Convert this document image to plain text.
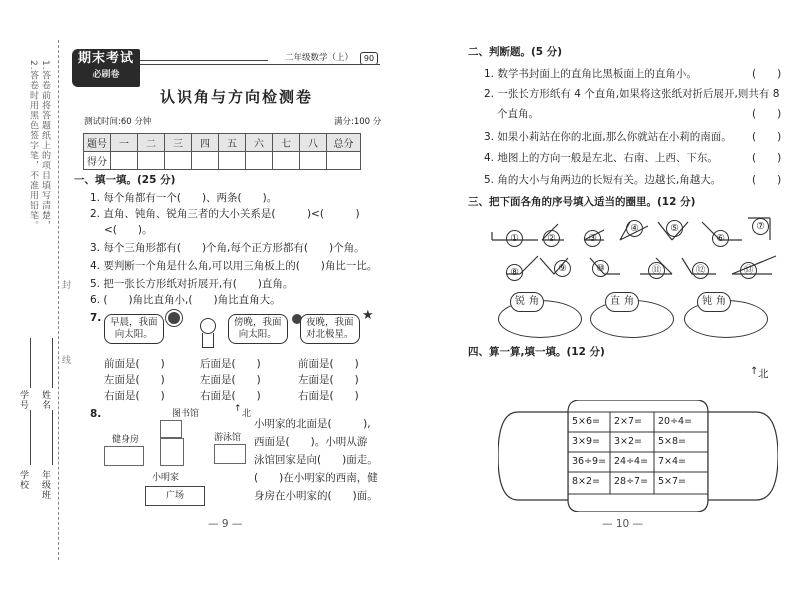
1.答卷前将答题纸上的项目填写清楚，
2.答卷时用黑色签字笔，不准用铅笔。
封
线
学号 姓名
学校 年级班
期末考试
必刷卷
二年级数学（上）	90
认识角与方向检测卷
测试时间:60 分钟	满分:100 分
题号	一	二	三	四	五	六	七	八	总分
得分									
一、填一填。(25 分)
1. 每个角都有一个(　　)、两条(　　)。
2. 直角、钝角、锐角三者的大小关系是(　　　)<(　　　)
<(　　)。
3. 每个三角形都有(　　)个角,每个正方形都有(　　)个角。
4. 要判断一个角是什么角,可以用三角板上的(　　)角比一比。
5. 把一张长方形纸对折展开,有(　　)直角。
6. (　　)角比直角小,(　　)角比直角大。
7. 早晨，我面
向太阳。
傍晚，我面
向太阳。
夜晚，我面
对北极星。
★
前面是(　　)
左面是(　　)
右面是(　　)
后面是(　　)
左面是(　　)
右面是(　　)
前面是(　　)
左面是(　　)
右面是(　　)
8.	图书馆	↑ 北
健身房	游泳馆
小明家
广场
小明家的北面是(　　　),
西面是(　　)。小明从游
泳馆回家是向(　　)面走。
(　　)在小明家的西南，健
身房在小明家的(　　)面。
— 9 —
二、判断题。(5 分)
1. 数学书封面上的直角比黑板面上的直角小。	(　　)
2. 一张长方形纸有 4 个直角,如果将这张纸对折后展开,则共有 8
个直角。	(　　)
3. 如果小莉站在你的北面,那么你就站在小莉的南面。 (　　)
4. 地图上的方向一般是左北、右南、上西、下东。	(　　)
5. 角的大小与角两边的长短有关。边越长,角越大。	(　　)
三、把下面各角的序号填入适当的圈里。(12 分)
①	②	③
④	⑤
⑥
⑦
⑧	⑨	⑩	⑪	⑫	⑬
锐 角	直 角	钝 角
四、算一算,填一填。(12 分)
↑ 北
5×6= 2×7= 20÷4=
3×9= 3×2= 5×8=
36÷9= 24÷4= 7×4=
8×2= 28÷7= 5×7=
— 10 —
